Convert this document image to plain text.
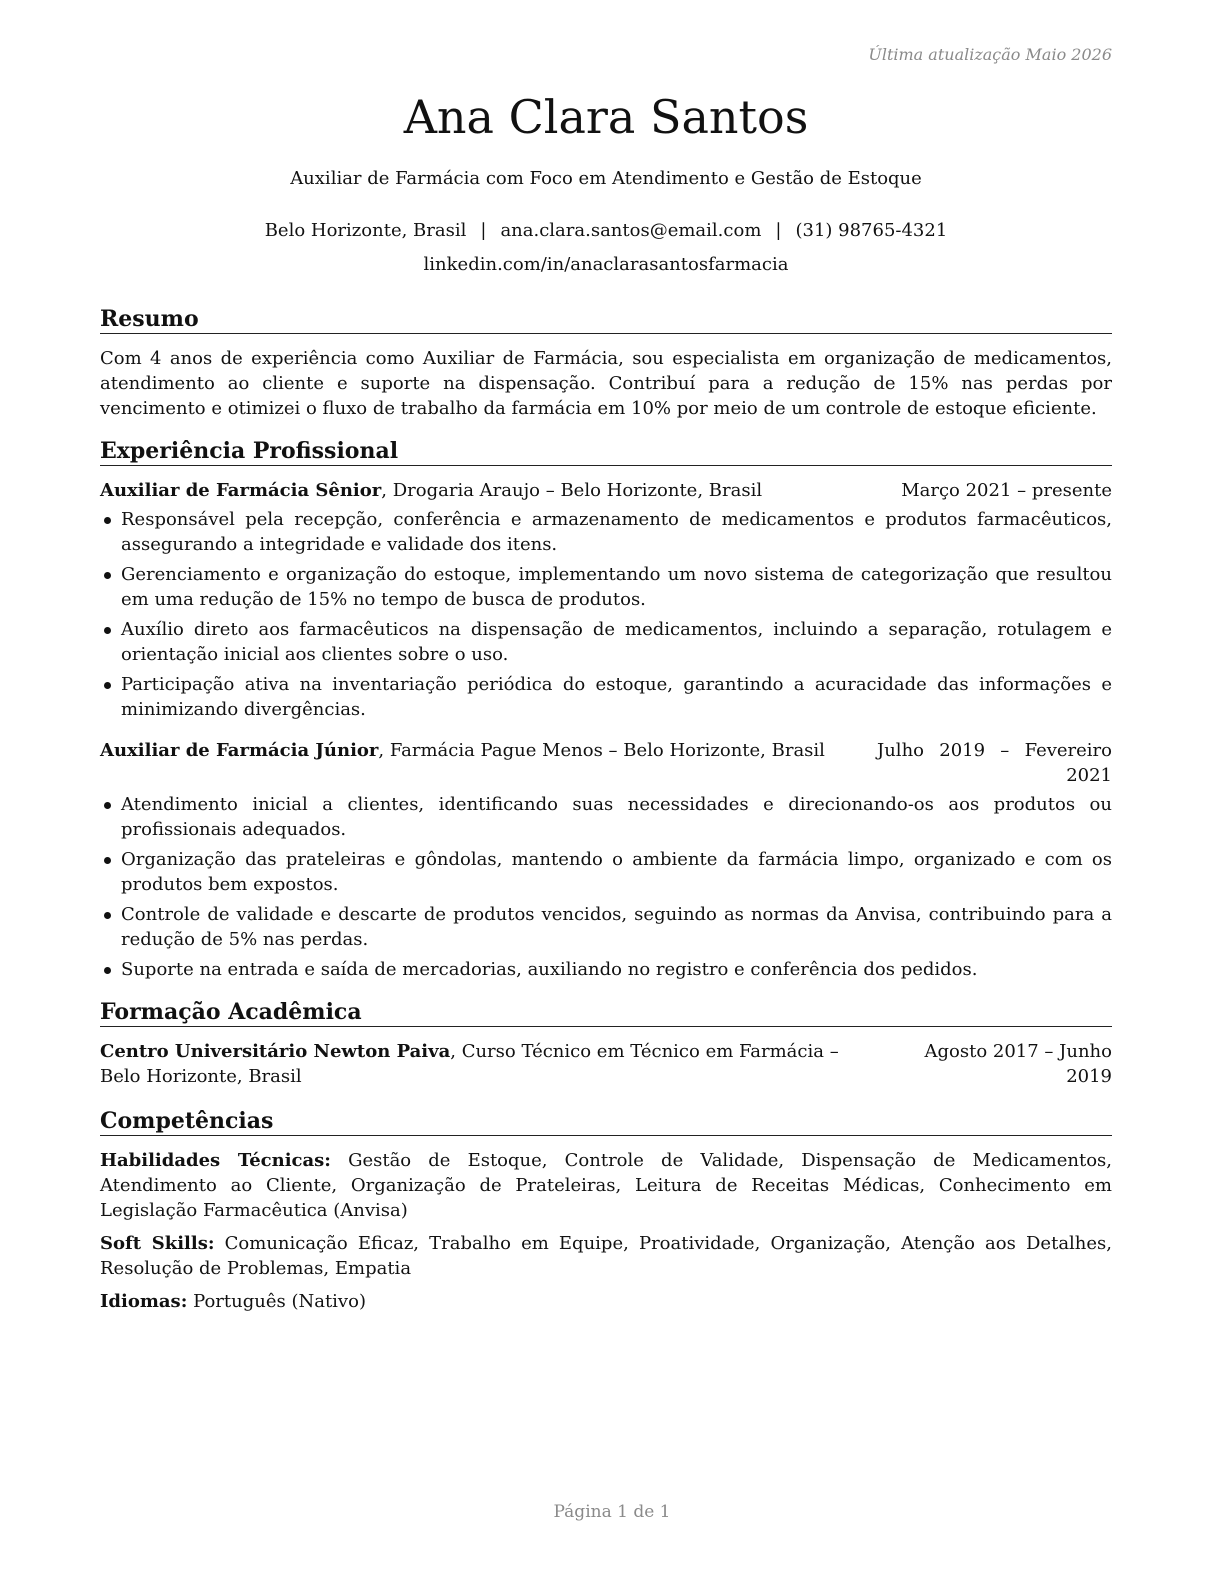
Última atualização Maio 2026
Ana Clara Santos
Auxiliar de Farmácia com Foco em Atendimento e Gestão de Estoque
Belo Horizonte, Brasil | ana.clara.santos@email.com | (31) 98765-4321
linkedin.com/in/anaclarasantosfarmacia
Resumo

Com 4 anos de experiência como Auxiliar de Farmácia, sou especialista em organização de medicamentos, atendimento ao cliente e suporte na dispensação. Contribuí para a redução de 15% nas perdas por vencimento e otimizei o fluxo de trabalho da farmácia em 10% por meio de um controle de estoque eficiente.

Experiência Profissional
Auxiliar de Farmácia Sênior, Drogaria Araujo – Belo Horizonte, Brasil	Março 2021 – presente
Responsável pela recepção, conferência e armazenamento de medicamentos e produtos farmacêuticos, assegurando a integridade e validade dos itens.
Gerenciamento e organização do estoque, implementando um novo sistema de categorização que resultou em uma redução de 15% no tempo de busca de produtos.
Auxílio direto aos farmacêuticos na dispensação de medicamentos, incluindo a separação, rotulagem e orientação inicial aos clientes sobre o uso.
Participação ativa na inventariação periódica do estoque, garantindo a acuracidade das informações e minimizando divergências.
Auxiliar de Farmácia Júnior, Farmácia Pague Menos – Belo Horizonte, Brasil	Julho 2019 – Fevereiro 2021
Atendimento inicial a clientes, identificando suas necessidades e direcionando-os aos produtos ou profissionais adequados.
Organização das prateleiras e gôndolas, mantendo o ambiente da farmácia limpo, organizado e com os produtos bem expostos.
Controle de validade e descarte de produtos vencidos, seguindo as normas da Anvisa, contribuindo para a redução de 5% nas perdas.
Suporte na entrada e saída de mercadorias, auxiliando no registro e conferência dos pedidos.
Formação Acadêmica
Centro Universitário Newton Paiva, Curso Técnico em Técnico em Farmácia – Belo Horizonte, Brasil
Agosto 2017 – Junho 2019
Competências

Habilidades Técnicas: Gestão de Estoque, Controle de Validade, Dispensação de Medicamentos, Atendimento ao Cliente, Organização de Prateleiras, Leitura de Receitas Médicas, Conhecimento em Legislação Farmacêutica (Anvisa)

Soft Skills: Comunicação Eficaz, Trabalho em Equipe, Proatividade, Organização, Atenção aos Detalhes, Resolução de Problemas, Empatia

Idiomas: Português (Nativo)

Página 1 de 1
